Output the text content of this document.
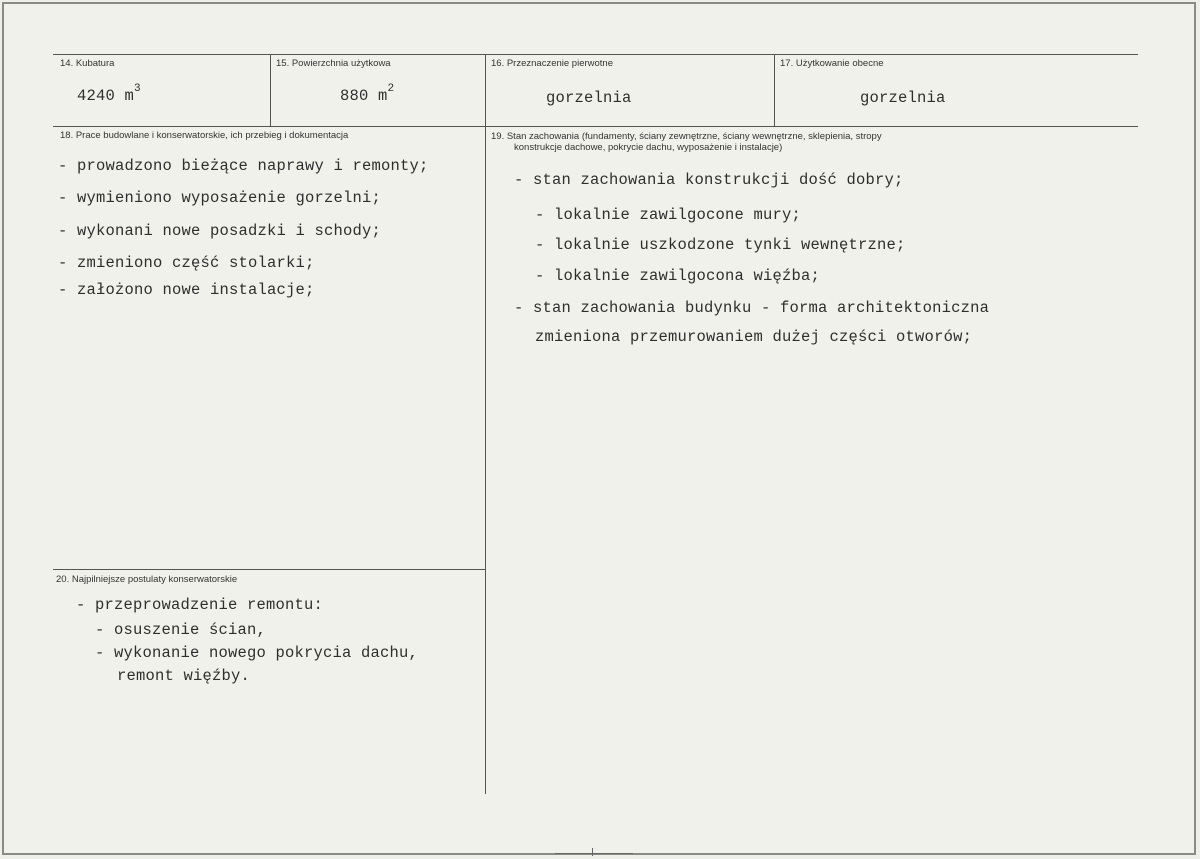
14. Kubatura
4240 $m^3$
15. Powierzchnia użytkowa
880 $m^2$
16. Przeznaczenie pierwotne
gorzelnia
17. Użytkowanie obecne
gorzelnia
18. Prace budowlane i konserwatorskie, ich przebieg i dokumentacja
- prowadzono bieżące naprawy i remonty;
- wymieniono wyposażenie gorzelni;
- wykonani nowe posadzki i schody;
- zmieniono część stolarki;
- założono nowe instalacje;
19. Stan zachowania (fundamenty, ściany zewnętrzne, ściany wewnętrzne, sklepienia, stropy
konstrukcje dachowe, pokrycie dachu, wyposażenie i instalacje)
- stan zachowania konstrukcji dość dobry;
- lokalnie zawilgocone mury;
- lokalnie uszkodzone tynki wewnętrzne;
- lokalnie zawilgocona więźba;
- stan zachowania budynku - forma architektoniczna
zmieniona przemurowaniem dużej części otworów;
20. Najpilniejsze postulaty konserwatorskie
- przeprowadzenie remontu:
- osuszenie ścian,
- wykonanie nowego pokrycia dachu,
remont więźby.
